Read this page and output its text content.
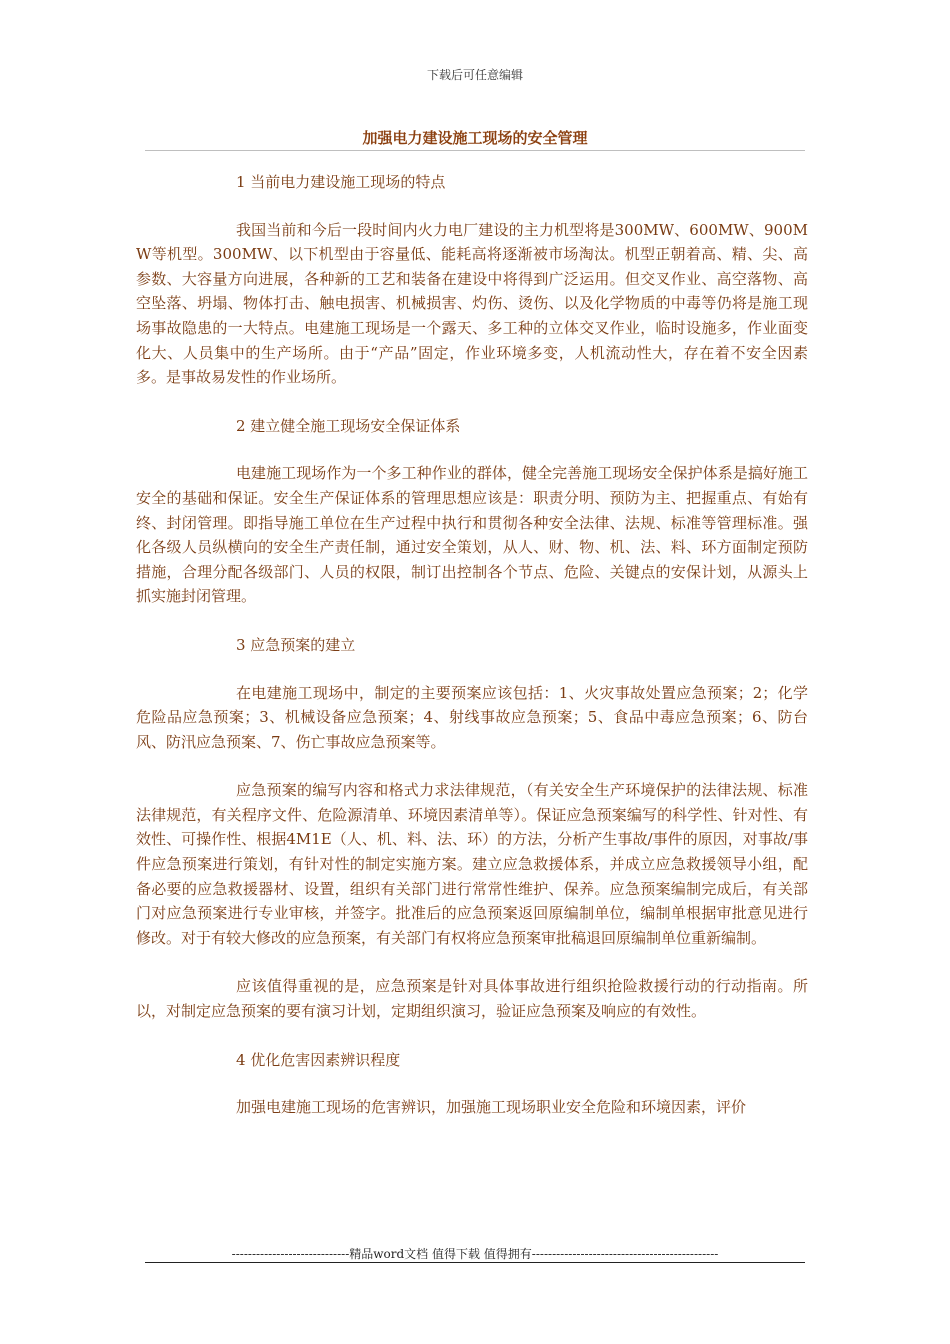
下载后可任意编辑
加强电力建设施工现场的安全管理

1 当前电力建设施工现场的特点

我国当前和今后一段时间内火力电厂建设的主力机型将是300MW、600MW、900MW等机型。300MW、以下机型由于容量低、能耗高将逐渐被市场淘汰。机型正朝着高、精、尖、高参数、大容量方向进展，各种新的工艺和装备在建设中将得到广泛运用。但交叉作业、高空落物、高空坠落、坍塌、物体打击、触电损害、机械损害、灼伤、烫伤、以及化学物质的中毒等仍将是施工现场事故隐患的一大特点。电建施工现场是一个露天、多工种的立体交叉作业，临时设施多，作业面变化大、人员集中的生产场所。由于“产品”固定，作业环境多变，人机流动性大，存在着不安全因素多。是事故易发性的作业场所。

2 建立健全施工现场安全保证体系

电建施工现场作为一个多工种作业的群体，健全完善施工现场安全保护体系是搞好施工安全的基础和保证。安全生产保证体系的管理思想应该是：职责分明、预防为主、把握重点、有始有终、封闭管理。即指导施工单位在生产过程中执行和贯彻各种安全法律、法规、标准等管理标准。强化各级人员纵横向的安全生产责任制，通过安全策划，从人、财、物、机、法、料、环方面制定预防措施，合理分配各级部门、人员的权限，制订出控制各个节点、危险、关键点的安保计划，从源头上抓实施封闭管理。

3 应急预案的建立

在电建施工现场中，制定的主要预案应该包括：1、火灾事故处置应急预案；2；化学危险品应急预案；3、机械设备应急预案；4、射线事故应急预案；5、食品中毒应急预案；6、防台风、防汛应急预案、7、伤亡事故应急预案等。

应急预案的编写内容和格式力求法律规范，（有关安全生产环境保护的法律法规、标准法律规范，有关程序文件、危险源清单、环境因素清单等）。保证应急预案编写的科学性、针对性、有效性、可操作性、根据4M1E（人、机、料、法、环）的方法，分析产生事故/事件的原因，对事故/事件应急预案进行策划，有针对性的制定实施方案。建立应急救援体系，并成立应急救援领导小组，配备必要的应急救援器材、设置，组织有关部门进行常常性维护、保养。应急预案编制完成后，有关部门对应急预案进行专业审核，并签字。批准后的应急预案返回原编制单位，编制单根据审批意见进行修改。对于有较大修改的应急预案，有关部门有权将应急预案审批稿退回原编制单位重新编制。

应该值得重视的是，应急预案是针对具体事故进行组织抢险救援行动的行动指南。所以，对制定应急预案的要有演习计划，定期组织演习，验证应急预案及响应的有效性。

4 优化危害因素辨识程度

加强电建施工现场的危害辨识，加强施工现场职业安全危险和环境因素，评价

-----------------------------精品word文档 值得下载 值得拥有----------------------------------------------
